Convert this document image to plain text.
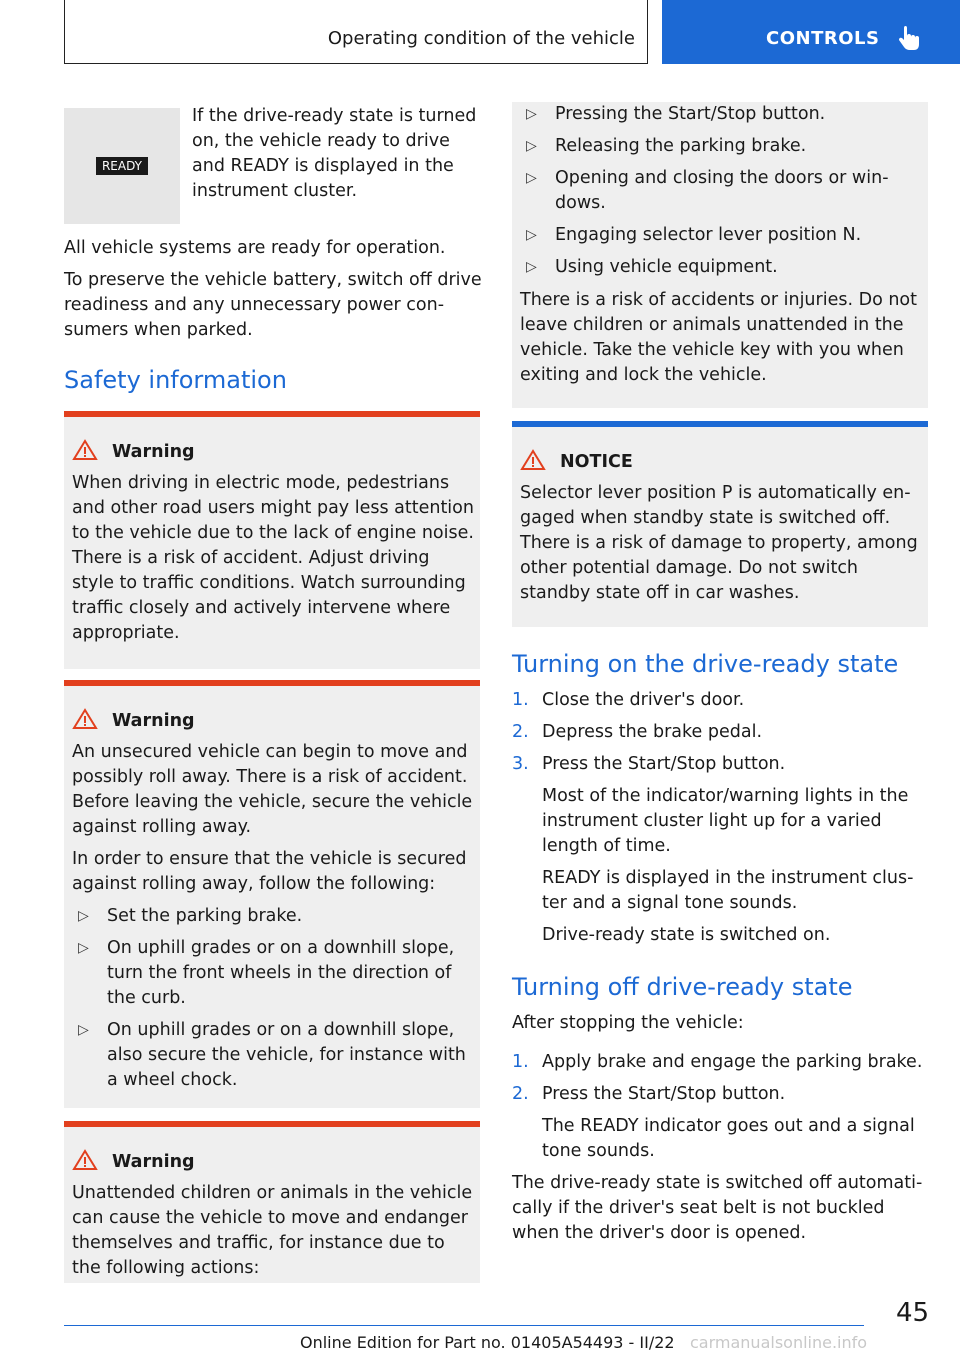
Operating condition of the vehicle	CONTROLS
READY

If the drive-ready state is turned on, the vehicle ready to drive and READY is displayed in the instrument cluster.

All vehicle systems are ready for operation.

To preserve the vehicle battery, switch off drive readiness and any unnecessary power consumers when parked.

Safety information
Warning

When driving in electric mode, pedestrians and other road users might pay less attention to the vehicle due to the lack of engine noise. There is a risk of accident. Adjust driving style to traffic conditions. Watch surrounding traffic closely and actively intervene where appropriate.

Warning

An unsecured vehicle can begin to move and possibly roll away. There is a risk of accident. Before leaving the vehicle, secure the vehicle against rolling away.

In order to ensure that the vehicle is secured against rolling away, follow the following:

▷ Set the parking brake.
▷ On uphill grades or on a downhill slope, turn the front wheels in the direction of the curb.
▷ On uphill grades or on a downhill slope, also secure the vehicle, for instance with a wheel chock.
Warning

Unattended children or animals in the vehicle can cause the vehicle to move and endanger themselves and traffic, for instance due to the following actions:

▷ Pressing the Start/Stop button.
▷ Releasing the parking brake.
▷ Opening and closing the doors or windows.
▷ Engaging selector lever position N.
▷ Using vehicle equipment.

There is a risk of accidents or injuries. Do not leave children or animals unattended in the vehicle. Take the vehicle key with you when exiting and lock the vehicle.

NOTICE

Selector lever position P is automatically engaged when standby state is switched off. There is a risk of damage to property, among other potential damage. Do not switch standby state off in car washes.

Turning on the drive-ready state
1. Close the driver's door.
2. Depress the brake pedal.
3. Press the Start/Stop button.

Most of the indicator/warning lights in the instrument cluster light up for a varied length of time.

READY is displayed in the instrument cluster and a signal tone sounds.

Drive-ready state is switched on.

Turning off drive-ready state

After stopping the vehicle:

1. Apply brake and engage the parking brake.
2. Press the Start/Stop button.

The READY indicator goes out and a signal tone sounds.

The drive-ready state is switched off automatically if the driver's seat belt is not buckled when the driver's door is opened.

45
Online Edition for Part no. 01405A54493 - II/22 carmanualsonline.info
